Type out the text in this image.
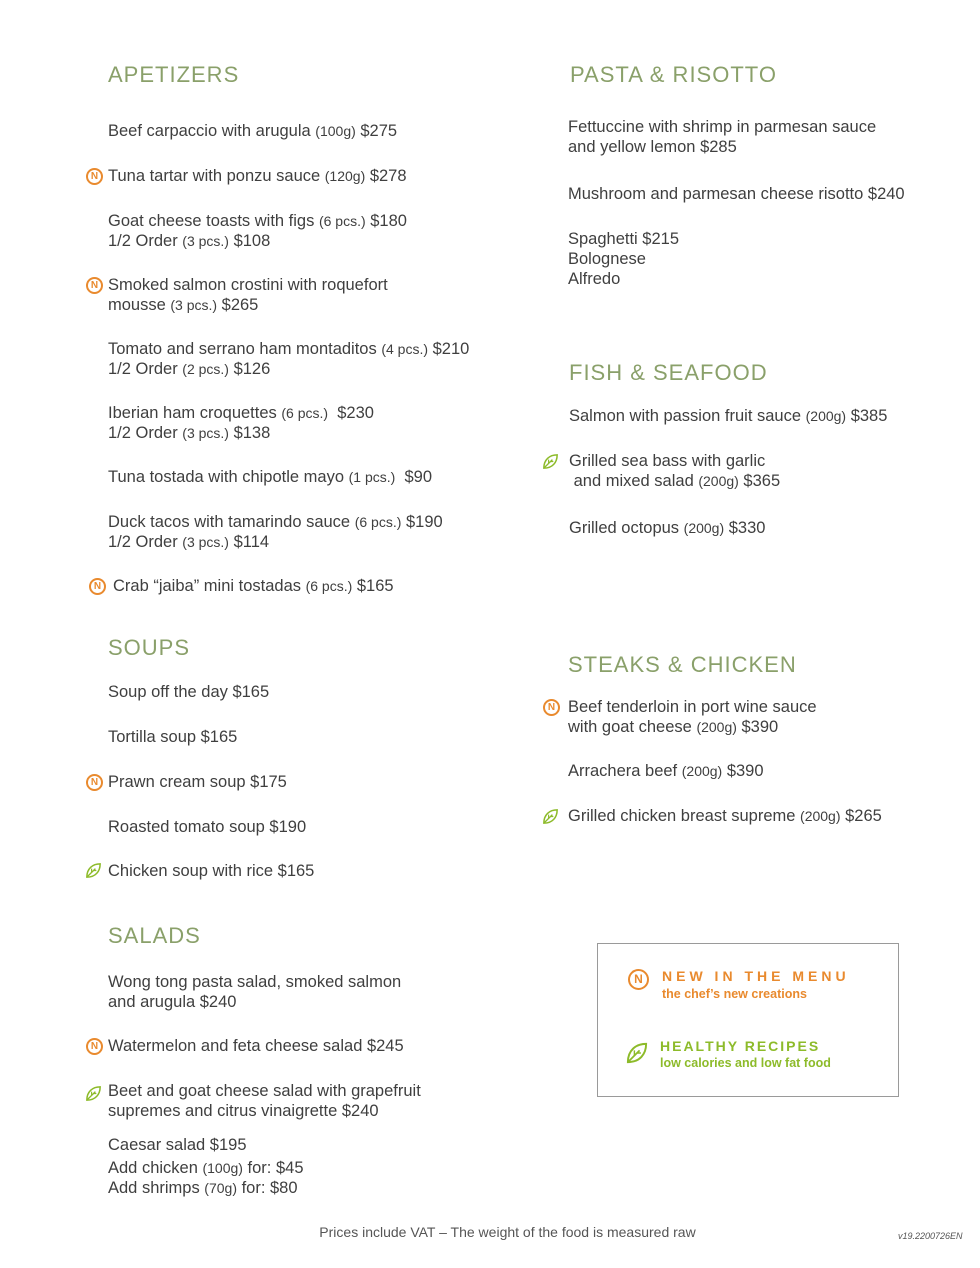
APETIZERS
Beef carpaccio with arugula (100g) $275
N Tuna tartar with ponzu sauce (120g) $278
Goat cheese toasts with figs (6 pcs.) $180
1/2 Order (3 pcs.) $108
N Smoked salmon crostini with roquefort
mousse (3 pcs.) $265
Tomato and serrano ham montaditos (4 pcs.) $210
1/2 Order (2 pcs.) $126
Iberian ham croquettes (6 pcs.) $230
1/2 Order (3 pcs.) $138
Tuna tostada with chipotle mayo (1 pcs.) $90
Duck tacos with tamarindo sauce (6 pcs.) $190
1/2 Order (3 pcs.) $114
N Crab “jaiba” mini tostadas (6 pcs.) $165
SOUPS
Soup off the day $165
Tortilla soup $165
N Prawn cream soup $175
Roasted tomato soup $190
Chicken soup with rice $165
SALADS
Wong tong pasta salad, smoked salmon
and arugula $240
N Watermelon and feta cheese salad $245
Beet and goat cheese salad with grapefruit
supremes and citrus vinaigrette $240
Caesar salad $195
Add chicken (100g) for: $45
Add shrimps (70g) for: $80
PASTA & RISOTTO
Fettuccine with shrimp in parmesan sauce
and yellow lemon $285
Mushroom and parmesan cheese risotto $240
Spaghetti $215
Bolognese
Alfredo
FISH & SEAFOOD
Salmon with passion fruit sauce (200g) $385
Grilled sea bass with garlic
and mixed salad (200g) $365
Grilled octopus (200g) $330
STEAKS & CHICKEN
N Beef tenderloin in port wine sauce
with goat cheese (200g) $390
Arrachera beef (200g) $390
Grilled chicken breast supreme (200g) $265
N	NEW IN THE MENU
the chef’s new creations
HEALTHY RECIPES
low calories and low fat food
Prices include VAT – The weight of the food is measured raw	v19.2200726EN
